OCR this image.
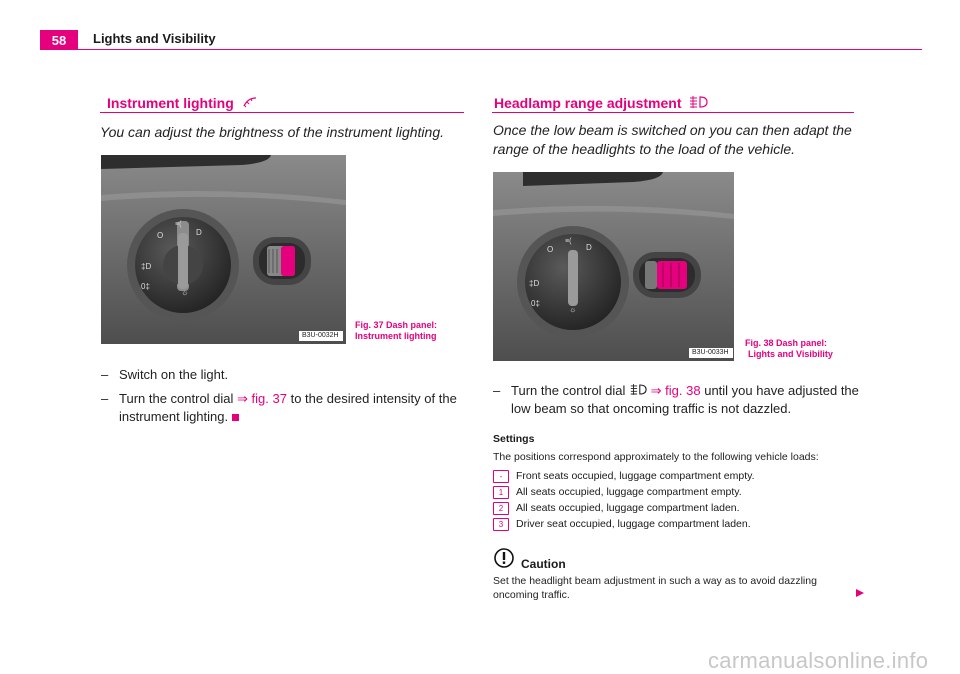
58	Lights and Visibility
Instrument lighting
You can adjust the brightness of the instrument lighting.
O
≡(
D
‡D
0‡
☼
B3U-0032H
Fig. 37 Dash panel:
Instrument lighting
– Switch on the light.
– Turn the control dial ⇒ fig. 37 to the desired intensity of the instrument lighting.
Headlamp range adjustment
Once the low beam is switched on you can then adapt the range of the headlights to the load of the vehicle.
O
≡(
D
‡D
0‡
☼
B3U-0033H
Fig. 38 Dash panel:
Lights and Visibility
– Turn the control dial ⇒ fig. 38 until you have adjusted the low beam so that oncoming traffic is not dazzled.
Settings
The positions correspond approximately to the following vehicle loads:
-	Front seats occupied, luggage compartment empty.
1	All seats occupied, luggage compartment empty.
2	All seats occupied, luggage compartment laden.
3	Driver seat occupied, luggage compartment laden.
Caution
Set the headlight beam adjustment in such a way as to avoid dazzling oncoming traffic.
carmanualsonline.info
